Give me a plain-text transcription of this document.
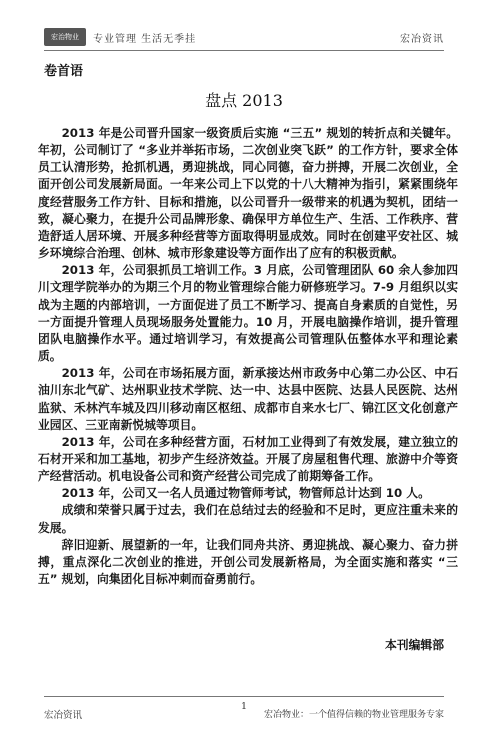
宏治物业	专业管理 生活无季挂	宏冶资讯
卷首语
盘点 2013

2013 年是公司晋升国家一级资质后实施 “三五” 规划的转折点和关键年。年初，公司制订了 “多业并举拓市场，二次创业突飞跃” 的工作方针，要求全体员工认清形势，抢抓机遇，勇迎挑战，同心同德，奋力拼搏，开展二次创业，全面开创公司发展新局面。一年来公司上下以党的十八大精神为指引，紧紧围绕年度经营服务工作方针、目标和措施，以公司晋升一级带来的机遇为契机，团结一致，凝心聚力，在提升公司品牌形象、确保甲方单位生产、生活、工作秩序、营造舒适人居环境、开展多种经营等方面取得明显成效。同时在创建平安社区、城乡环境综合治理、创林、城市形象建设等方面作出了应有的积极贡献。

2013 年，公司狠抓员工培训工作。3 月底，公司管理团队 60 余人参加四川文理学院举办的为期三个月的物业管理综合能力研修班学习。7-9 月组织以实战为主题的内部培训，一方面促进了员工不断学习、提高自身素质的自觉性，另一方面提升管理人员现场服务处置能力。10 月，开展电脑操作培训，提升管理团队电脑操作水平。通过培训学习，有效提高公司管理队伍整体水平和理论素质。

2013 年，公司在市场拓展方面，新承接达州市政务中心第二办公区、中石油川东北气矿、达州职业技术学院、达一中、达县中医院、达县人民医院、达州监狱、禾林汽车城及四川移动南区枢纽、成都市自来水七厂、锦江区文化创意产业园区、三亚南新悦城等项目。

2013 年，公司在多种经营方面，石材加工业得到了有效发展，建立独立的石材开采和加工基地，初步产生经济效益。开展了房屋租售代理、旅游中介等资产经营活动。机电设备公司和资产经营公司完成了前期筹备工作。

2013 年，公司又一名人员通过物管师考试，物管师总计达到 10 人。

成绩和荣誉只属于过去，我们在总结过去的经验和不足时，更应注重未来的发展。

辞旧迎新、展望新的一年，让我们同舟共济、勇迎挑战、凝心聚力、奋力拼搏，重点深化二次创业的推进，开创公司发展新格局，为全面实施和落实 “三五” 规划，向集团化目标冲刺而奋勇前行。

本刊编辑部
宏冶资讯
1
宏冶物业：一个值得信赖的物业管理服务专家
